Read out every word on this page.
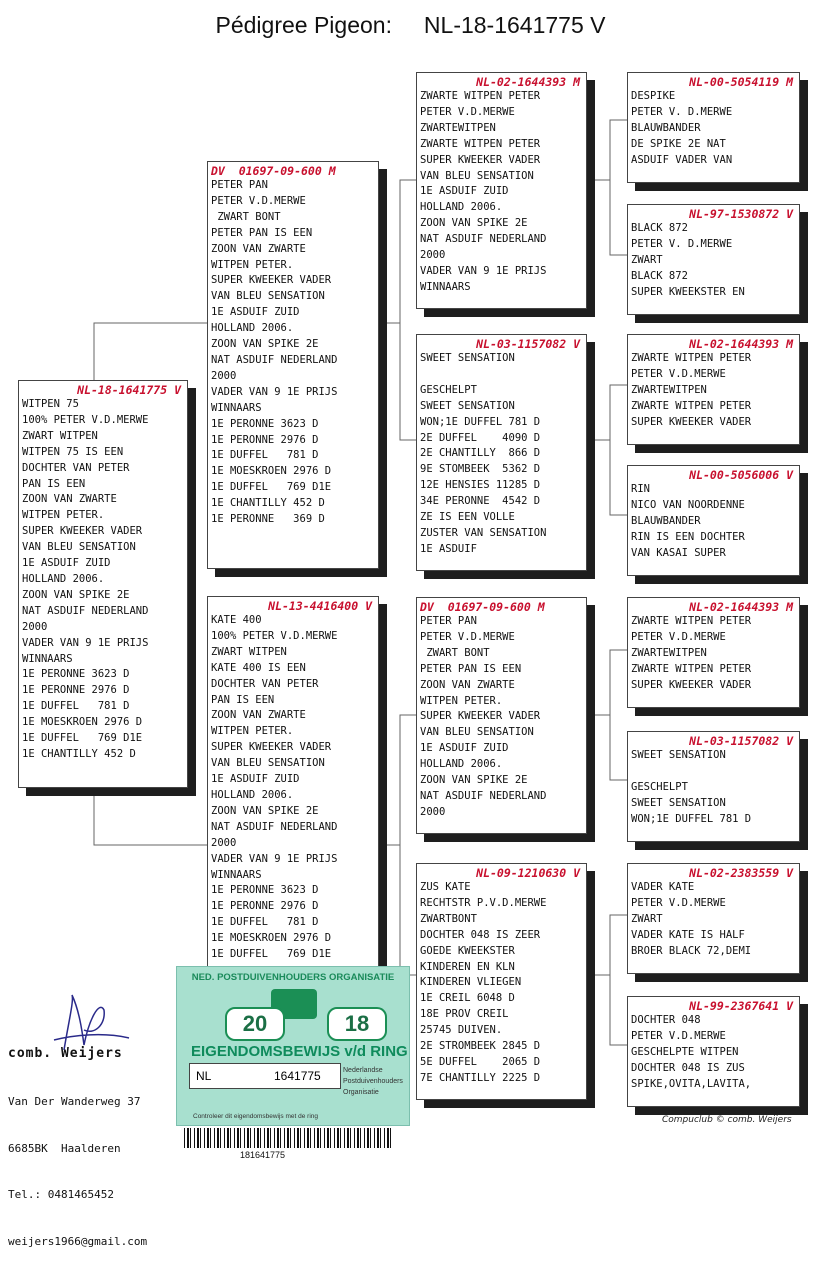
Pédigree Pigeon:     NL-18-1641775 V
NL-18-1641775 V
WITPEN 75
100% PETER V.D.MERWE
ZWART WITPEN
WITPEN 75 IS EEN
DOCHTER VAN PETER
PAN IS EEN
ZOON VAN ZWARTE
WITPEN PETER.
SUPER KWEEKER VADER
VAN BLEU SENSATION
1E ASDUIF ZUID
HOLLAND 2006.
ZOON VAN SPIKE 2E
NAT ASDUIF NEDERLAND
2000
VADER VAN 9 1E PRIJS
WINNAARS
1E PERONNE 3623 D
1E PERONNE 2976 D
1E DUFFEL   781 D
1E MOESKROEN 2976 D
1E DUFFEL   769 D1E
1E CHANTILLY 452 D
DV  01697-09-600 M
PETER PAN
PETER V.D.MERWE
ZWART BONT
PETER PAN IS EEN
ZOON VAN ZWARTE
WITPEN PETER.
SUPER KWEEKER VADER
VAN BLEU SENSATION
1E ASDUIF ZUID
HOLLAND 2006.
ZOON VAN SPIKE 2E
NAT ASDUIF NEDERLAND
2000
VADER VAN 9 1E PRIJS
WINNAARS
1E PERONNE 3623 D
1E PERONNE 2976 D
1E DUFFEL   781 D
1E MOESKROEN 2976 D
1E DUFFEL   769 D1E
1E CHANTILLY 452 D
1E PERONNE   369 D
NL-13-4416400 V
KATE 400
100% PETER V.D.MERWE
ZWART WITPEN
KATE 400 IS EEN
DOCHTER VAN PETER
PAN IS EEN
ZOON VAN ZWARTE
WITPEN PETER.
SUPER KWEEKER VADER
VAN BLEU SENSATION
1E ASDUIF ZUID
HOLLAND 2006.
ZOON VAN SPIKE 2E
NAT ASDUIF NEDERLAND
2000
VADER VAN 9 1E PRIJS
WINNAARS
1E PERONNE 3623 D
1E PERONNE 2976 D
1E DUFFEL   781 D
1E MOESKROEN 2976 D
1E DUFFEL   769 D1E
NL-02-1644393 M
ZWARTE WITPEN PETER
PETER V.D.MERWE
ZWARTEWITPEN
ZWARTE WITPEN PETER
SUPER KWEEKER VADER
VAN BLEU SENSATION
1E ASDUIF ZUID
HOLLAND 2006.
ZOON VAN SPIKE 2E
NAT ASDUIF NEDERLAND
2000
VADER VAN 9 1E PRIJS
WINNAARS
NL-03-1157082 V
SWEET SENSATION

GESCHELPT
SWEET SENSATION
WON;1E DUFFEL 781 D
2E DUFFEL    4090 D
2E CHANTILLY  866 D
9E STOMBEEK  5362 D
12E HENSIES 11285 D
34E PERONNE  4542 D
ZE IS EEN VOLLE
ZUSTER VAN SENSATION
1E ASDUIF
DV  01697-09-600 M
PETER PAN
PETER V.D.MERWE
ZWART BONT
PETER PAN IS EEN
ZOON VAN ZWARTE
WITPEN PETER.
SUPER KWEEKER VADER
VAN BLEU SENSATION
1E ASDUIF ZUID
HOLLAND 2006.
ZOON VAN SPIKE 2E
NAT ASDUIF NEDERLAND
2000
NL-09-1210630 V
ZUS KATE
RECHTSTR P.V.D.MERWE
ZWARTBONT
DOCHTER 048 IS ZEER
GOEDE KWEEKSTER
KINDEREN EN KLN
KINDEREN VLIEGEN
1E CREIL 6048 D
18E PROV CREIL
25745 DUIVEN.
2E STROMBEEK 2845 D
5E DUFFEL    2065 D
7E CHANTILLY 2225 D
NL-00-5054119 M
DESPIKE
PETER V. D.MERWE
BLAUWBANDER
DE SPIKE 2E NAT
ASDUIF VADER VAN
NL-97-1530872 V
BLACK 872
PETER V. D.MERWE
ZWART
BLACK 872
SUPER KWEEKSTER EN
NL-02-1644393 M
ZWARTE WITPEN PETER
PETER V.D.MERWE
ZWARTEWITPEN
ZWARTE WITPEN PETER
SUPER KWEEKER VADER
NL-00-5056006 V
RIN
NICO VAN NOORDENNE
BLAUWBANDER
RIN IS EEN DOCHTER
VAN KASAI SUPER
NL-02-1644393 M
ZWARTE WITPEN PETER
PETER V.D.MERWE
ZWARTEWITPEN
ZWARTE WITPEN PETER
SUPER KWEEKER VADER
NL-03-1157082 V
SWEET SENSATION

GESCHELPT
SWEET SENSATION
WON;1E DUFFEL 781 D
NL-02-2383559 V
VADER KATE
PETER V.D.MERWE
ZWART
VADER KATE IS HALF
BROER BLACK 72,DEMI
NL-99-2367641 V
DOCHTER 048
PETER V.D.MERWE
GESCHELPTE WITPEN
DOCHTER 048 IS ZUS
SPIKE,OVITA,LAVITA,

comb. Weijers

Van Der Wanderweg 37

6685BK  Haalderen

Tel.: 0481465452

weijers1966@gmail.com

NED. POSTDUIVENHOUDERS ORGANISATIE
20	18
EIGENDOMSBEWIJS v/d RING
NL	1641775	Nederlandse
Postduivenhouders
Organisatie
Controleer dit eigendomsbewijs met de ring
181641775
Compuclub © comb. Weijers
